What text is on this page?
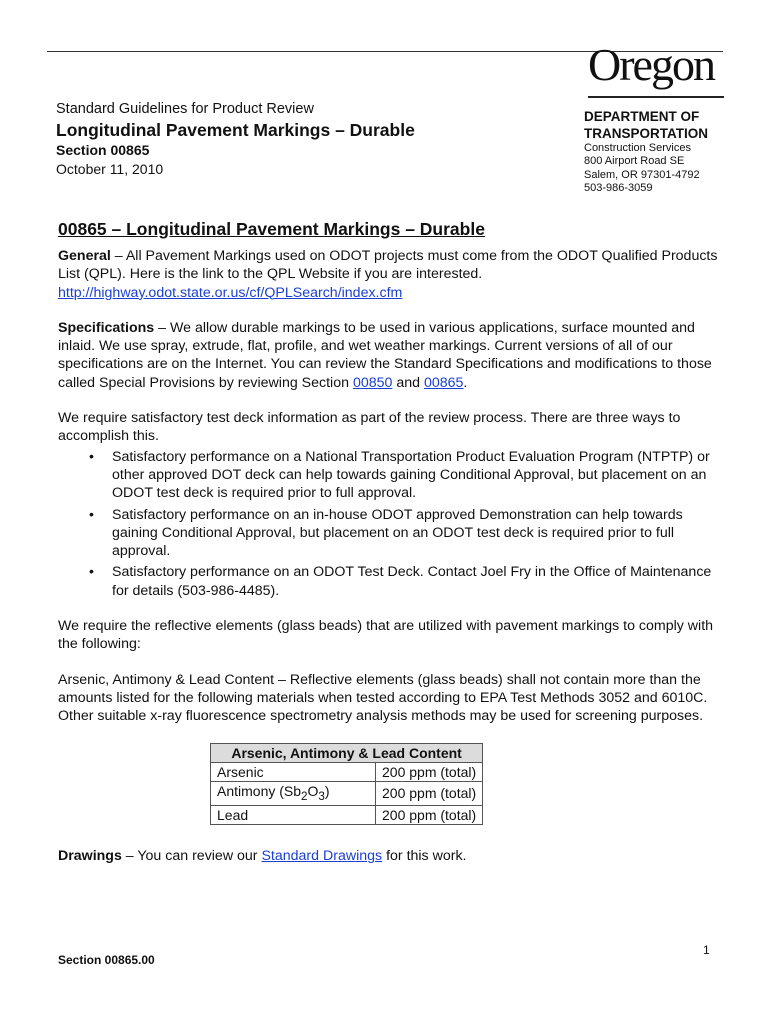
Oregon
Standard Guidelines for Product Review
Longitudinal Pavement Markings – Durable
Section 00865
October 11, 2010
DEPARTMENT OF
TRANSPORTATION
Construction Services
800 Airport Road SE
Salem, OR 97301-4792
503-986-3059
00865 – Longitudinal Pavement Markings – Durable

General – All Pavement Markings used on ODOT projects must come from the ODOT Qualified Products List (QPL). Here is the link to the QPL Website if you are interested.
http://highway.odot.state.or.us/cf/QPLSearch/index.cfm

Specifications – We allow durable markings to be used in various applications, surface mounted and inlaid. We use spray, extrude, flat, profile, and wet weather markings. Current versions of all of our specifications are on the Internet. You can review the Standard Specifications and modifications to those called Special Provisions by reviewing Section 00850 and 00865.

We require satisfactory test deck information as part of the review process. There are three ways to accomplish this.

• Satisfactory performance on a National Transportation Product Evaluation Program (NTPTP) or other approved DOT deck can help towards gaining Conditional Approval, but placement on an ODOT test deck is required prior to full approval.
• Satisfactory performance on an in-house ODOT approved Demonstration can help towards gaining Conditional Approval, but placement on an ODOT test deck is required prior to full approval.
• Satisfactory performance on an ODOT Test Deck. Contact Joel Fry in the Office of Maintenance for details (503-986-4485).

We require the reflective elements (glass beads) that are utilized with pavement markings to comply with the following:

Arsenic, Antimony & Lead Content – Reflective elements (glass beads) shall not contain more than the amounts listed for the following materials when tested according to EPA Test Methods 3052 and 6010C. Other suitable x-ray fluorescence spectrometry analysis methods may be used for screening purposes.

Arsenic, Antimony & Lead Content	
Arsenic	200 ppm (total)
Antimony $(Sb_2O_3)$	200 ppm (total)
Lead	200 ppm (total)

Drawings – You can review our Standard Drawings for this work.

Section 00865.00
1
